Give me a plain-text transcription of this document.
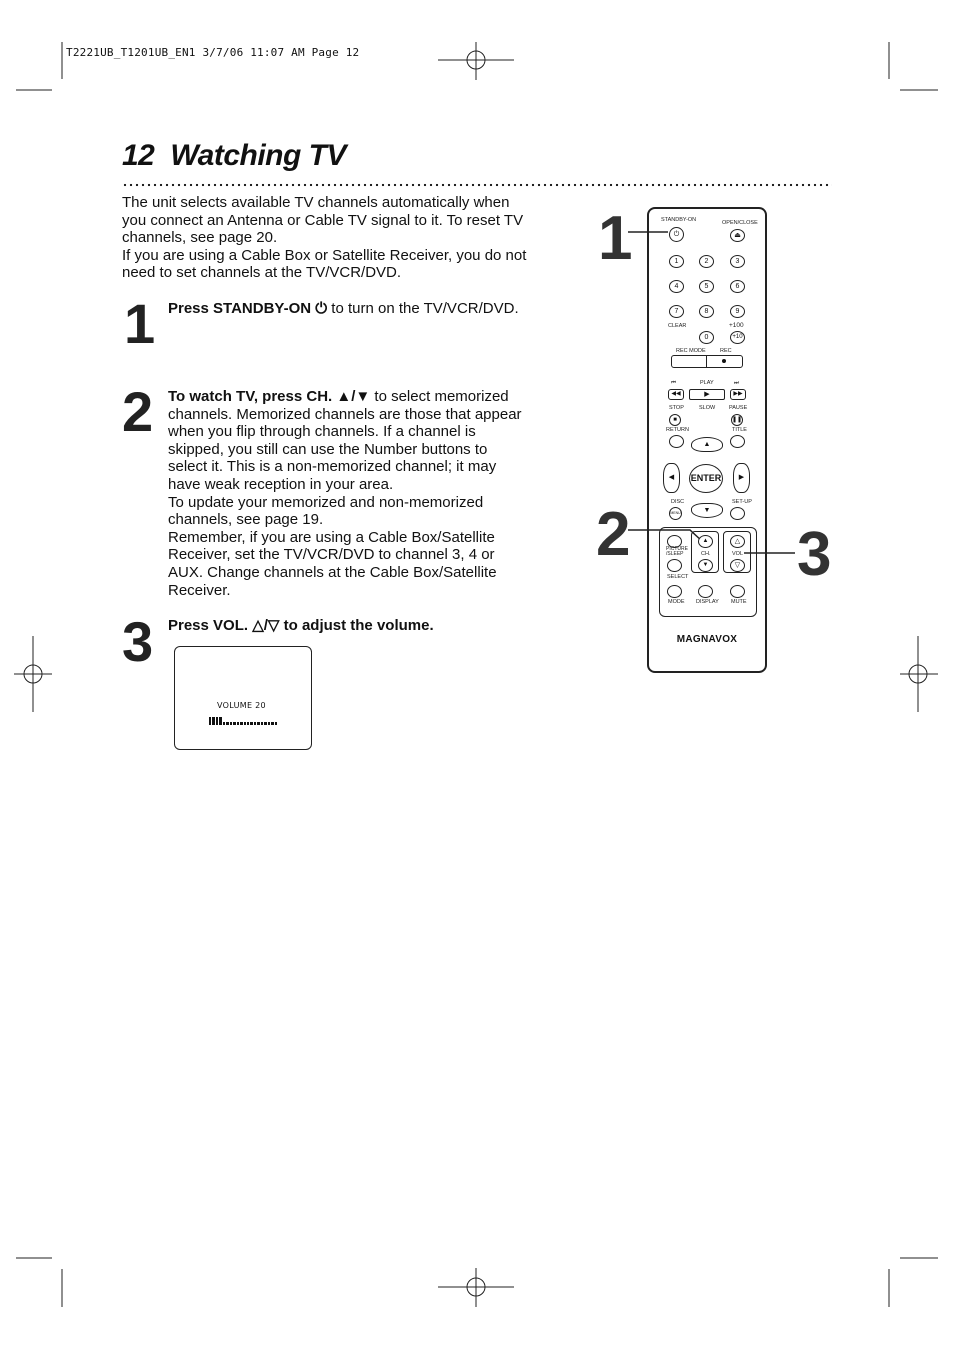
T2221UB_T1201UB_EN1 3/7/06 11:07 AM Page 12
12 Watching TV
The unit selects available TV channels automatically when you connect an Antenna or Cable TV signal to it. To reset TV channels, see page 20.
If you are using a Cable Box or Satellite Receiver, you do not need to set channels at the TV/VCR/DVD.
1 Press STANDBY-ON ⏻ to turn on the TV/VCR/DVD.
2 To watch TV, press CH. ▲/▼ to select memorized channels. Memorized channels are those that appear when you flip through channels. If a channel is skipped, you still can use the Number buttons to select it. This is a non-memorized channel; it may have weak reception in your area.
To update your memorized and non-memorized channels, see page 19.
Remember, if you are using a Cable Box/Satellite Receiver, set the TV/VCR/DVD to channel 3, 4 or AUX. Change channels at the Cable Box/Satellite Receiver.
3 Press VOL. △/▽ to adjust the volume.
VOLUME 20
1
2	3
STANDBY-ON	OPEN/CLOSE
⏻	⏏
1	2	3
4	5	6
7	8	9
CLEAR
0
+100
+10
REC MODE	REC
⏮	PLAY	⏭
◀◀	▶	▶▶
STOP	SLOW	PAUSE
■	❚❚
RETURN	TITLE
▲
◀	ENTER	▶
DISC
MENU	▼
SET-UP
▲	△
PICTURE /SLEEP	CH.	VOL
▼	▽
SELECT
MODE DISPLAY MUTE
MAGNAVOX
